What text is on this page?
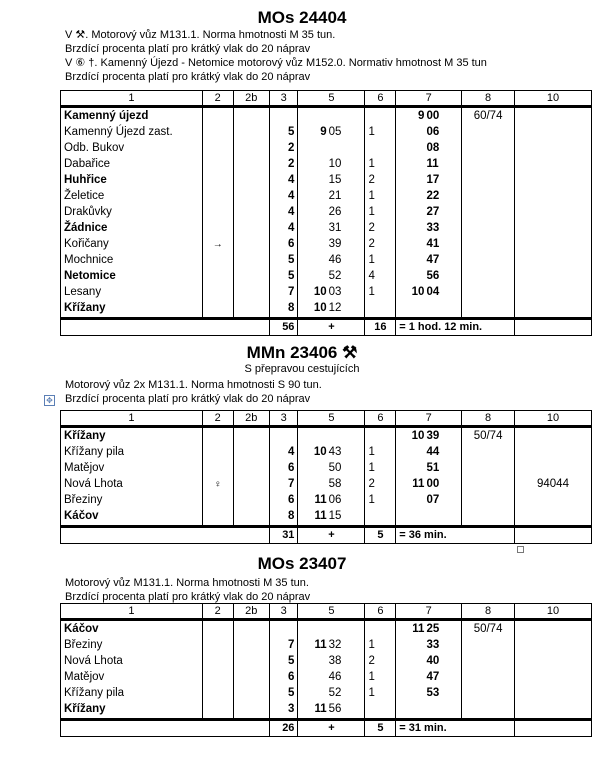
MOs 24404
V ⚒. Motorový vůz M131.1. Norma hmotnosti M 35 tun.
Brzdící procenta platí pro krátký vlak do 20 náprav
V ⑥ †. Kamenný Újezd - Netomice motorový vůz M152.0. Normativ hmotnost M 35 tun
Brzdící procenta platí pro krátký vlak do 20 náprav
1	2	2b	3	5		6	7		8	10
Kamenný újezd							9	00	60/74	
Kamenný Újezd zast.			5	9	05	1		06		
Odb. Bukov			2					08		
Dabařice			2		10	1		11		
Huhřice			4		15	2		17		
Želetice			4		21	1		22		
Drakůvky			4		26	1		27		
Žádnice			4		31	2		33		
Kořičany	→		6		39	2		41		
Mochnice			5		46	1		47		
Netomice			5		52	4		56		
Lesany			7	10	03	1	10	04		
Křížany			8	10	12					
			56	+		16	= 1 hod. 12 min.			
MMn 23406 ⚒
S přepravou cestujících
Motorový vůz 2x M131.1. Norma hmotnosti S 90 tun.
Brzdící procenta platí pro krátký vlak do 20 náprav
✥
1	2	2b	3	5		6	7		8	10
Křížany							10	39	50/74	
Křížany pila			4	10	43	1		44		
Matějov			6		50	1		51		
Nová Lhota	♀		7		58	2	11	00		94044
Březiny			6	11	06	1		07		
Káčov			8	11	15					
			31	+		5	= 36 min.			
MOs 23407
Motorový vůz M131.1. Norma hmotnosti M 35 tun.
Brzdící procenta platí pro krátký vlak do 20 náprav
1	2	2b	3	5		6	7		8	10
Káčov							11	25	50/74	
Březiny			7	11	32	1		33		
Nová Lhota			5		38	2		40		
Matějov			6		46	1		47		
Křížany pila			5		52	1		53		
Křížany			3	11	56					
			26	+		5	= 31 min.			
